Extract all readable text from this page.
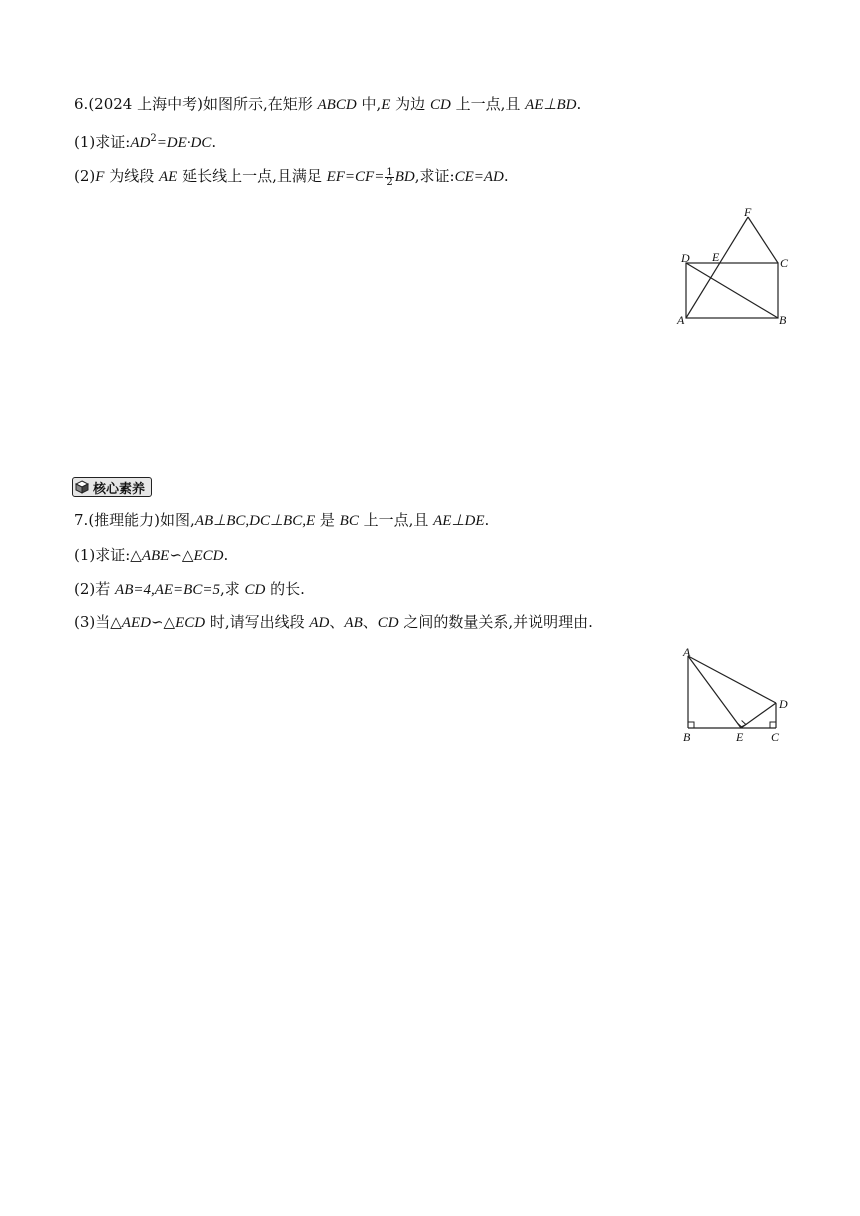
6.(2024 上海中考)如图所示,在矩形 ABCD 中,E 为边 CD 上一点,且 AE⊥BD.
(1)求证$:AD^2=DE\cdot DC$.
(2)F 为线段 AE 延长线上一点,且满足 $EF=CF= \frac{1}{2}$ BD,求证:CE=AD.
F
D E	C
A	B
核心素养
7.(推理能力)如图,AB⊥BC,DC⊥BC,E 是 BC 上一点,且 AE⊥DE.
(1)求证:△ABE∽△ECD.
(2)若 AB=4,AE=BC=5,求 CD 的长.
(3)当△AED∽△ECD 时,请写出线段 AD、AB、CD 之间的数量关系,并说明理由.
A
D
B	E C
